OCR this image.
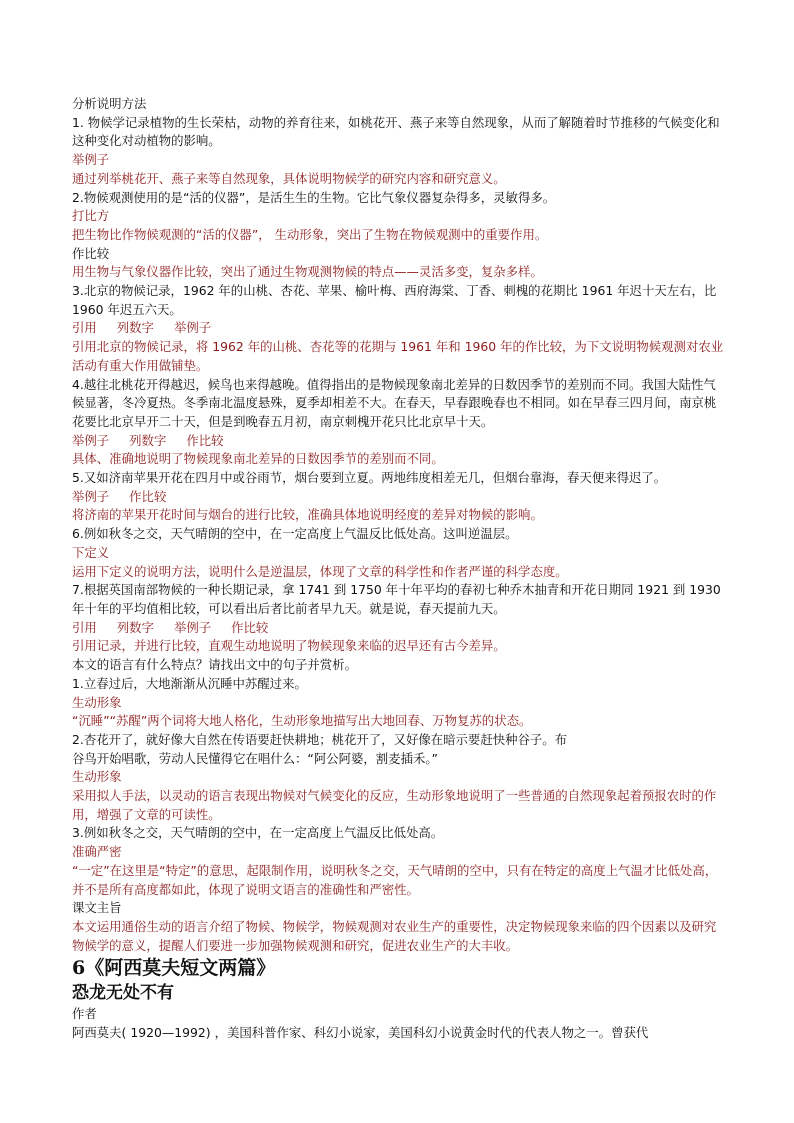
分析说明方法

1. 物候学记录植物的生长荣枯，动物的养育往来，如桃花开、燕子来等自然现象，从而了解随着时节推移的气候变化和这种变化对动植物的影响。

举例子

通过列举桃花开、燕子来等自然现象，具体说明物候学的研究内容和研究意义。

2.物候观测使用的是“活的仪器”，是活生生的生物。它比气象仪器复杂得多，灵敏得多。

打比方

把生物比作物候观测的“活的仪器”， 生动形象，突出了生物在物候观测中的重要作用。

作比较

用生物与气象仪器作比较，突出了通过生物观测物候的特点——灵活多变，复杂多样。

3.北京的物候记录，1962 年的山桃、杏花、苹果、榆叶梅、西府海棠、丁香、刺槐的花期比 1961 年迟十天左右，比 1960 年迟五六天。

引用 列数字 举例子

引用北京的物候记录，将 1962 年的山桃、杏花等的花期与 1961 年和 1960 年的作比较，为下文说明物候观测对农业活动有重大作用做铺垫。

4.越往北桃花开得越迟，候鸟也来得越晚。值得指出的是物候现象南北差异的日数因季节的差别而不同。我国大陆性气候显著，冬冷夏热。冬季南北温度悬殊，夏季却相差不大。在春天，早春跟晚春也不相同。如在早春三四月间，南京桃花要比北京早开二十天，但是到晚春五月初，南京刺槐开花只比北京早十天。

举例子 列数字 作比较

具体、准确地说明了物候现象南北差异的日数因季节的差别而不同。

5.又如济南苹果开花在四月中或谷雨节，烟台要到立夏。两地纬度相差无几，但烟台靠海，春天便来得迟了。

举例子 作比较

将济南的苹果开花时间与烟台的进行比较，准确具体地说明经度的差异对物候的影响。

6.例如秋冬之交，天气晴朗的空中，在一定高度上气温反比低处高。这叫逆温层。

下定义

运用下定义的说明方法，说明什么是逆温层，体现了文章的科学性和作者严谨的科学态度。

7.根据英国南部物候的一种长期记录，拿 1741 到 1750 年十年平均的春初七种乔木抽青和开花日期同 1921 到 1930 年十年的平均值相比较，可以看出后者比前者早九天。就是说，春天提前九天。

引用 列数字 举例子 作比较

引用记录，并进行比较，直观生动地说明了物候现象来临的迟早还有古今差异。

本文的语言有什么特点？请找出文中的句子并赏析。

1.立春过后，大地渐渐从沉睡中苏醒过来。

生动形象

“沉睡”“苏醒”两个词将大地人格化，生动形象地描写出大地回春、万物复苏的状态。

2.杏花开了，就好像大自然在传语要赶快耕地；桃花开了，又好像在暗示要赶快种谷子。布

谷鸟开始唱歌，劳动人民懂得它在唱什么：“阿公阿婆，割麦插禾。”

生动形象

采用拟人手法，以灵动的语言表现出物候对气候变化的反应，生动形象地说明了一些普通的自然现象起着预报农时的作用，增强了文章的可读性。

3.例如秋冬之交，天气晴朗的空中，在一定高度上气温反比低处高。

准确严密

“一定”在这里是“特定”的意思，起限制作用，说明秋冬之交，天气晴朗的空中，只有在特定的高度上气温才比低处高，并不是所有高度都如此，体现了说明文语言的准确性和严密性。

课文主旨

本文运用通俗生动的语言介绍了物候、物候学，物候观测对农业生产的重要性，决定物候现象来临的四个因素以及研究物候学的意义，提醒人们要进一步加强物候观测和研究，促进农业生产的大丰收。

6《阿西莫夫短文两篇》

恐龙无处不有

作者

阿西莫夫( 1920—1992) ，美国科普作家、科幻小说家，美国科幻小说黄金时代的代表人物之一。曾获代
